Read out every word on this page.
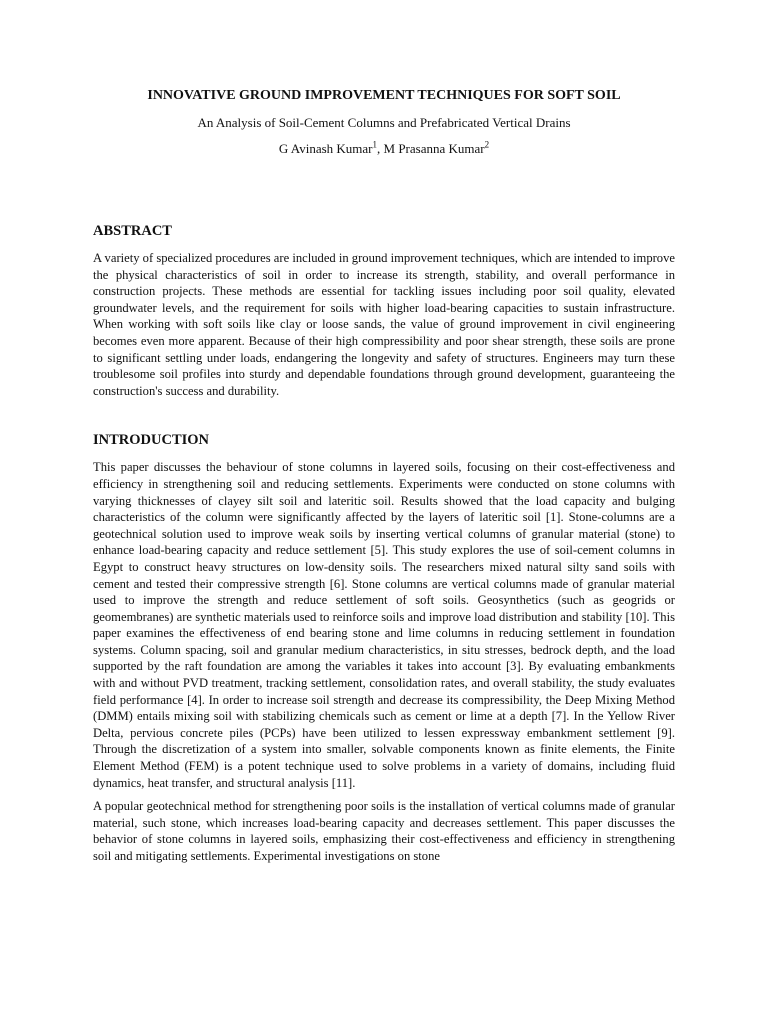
INNOVATIVE GROUND IMPROVEMENT TECHNIQUES FOR SOFT SOIL

An Analysis of Soil-Cement Columns and Prefabricated Vertical Drains

G Avinash Kumar$^1$, M Prasanna Kumar$^2$

ABSTRACT

A variety of specialized procedures are included in ground improvement techniques, which are intended to improve the physical characteristics of soil in order to increase its strength, stability, and overall performance in construction projects. These methods are essential for tackling issues including poor soil quality, elevated groundwater levels, and the requirement for soils with higher load-bearing capacities to sustain infrastructure. When working with soft soils like clay or loose sands, the value of ground improvement in civil engineering becomes even more apparent. Because of their high compressibility and poor shear strength, these soils are prone to significant settling under loads, endangering the longevity and safety of structures. Engineers may turn these troublesome soil profiles into sturdy and dependable foundations through ground development, guaranteeing the construction's success and durability.

INTRODUCTION

This paper discusses the behaviour of stone columns in layered soils, focusing on their cost-effectiveness and efficiency in strengthening soil and reducing settlements. Experiments were conducted on stone columns with varying thicknesses of clayey silt soil and lateritic soil. Results showed that the load capacity and bulging characteristics of the column were significantly affected by the layers of lateritic soil [1]. Stone-columns are a geotechnical solution used to improve weak soils by inserting vertical columns of granular material (stone) to enhance load-bearing capacity and reduce settlement [5]. This study explores the use of soil-cement columns in Egypt to construct heavy structures on low-density soils. The researchers mixed natural silty sand soils with cement and tested their compressive strength [6]. Stone columns are vertical columns made of granular material used to improve the strength and reduce settlement of soft soils. Geosynthetics (such as geogrids or geomembranes) are synthetic materials used to reinforce soils and improve load distribution and stability [10]. This paper examines the effectiveness of end bearing stone and lime columns in reducing settlement in foundation systems. Column spacing, soil and granular medium characteristics, in situ stresses, bedrock depth, and the load supported by the raft foundation are among the variables it takes into account [3]. By evaluating embankments with and without PVD treatment, tracking settlement, consolidation rates, and overall stability, the study evaluates field performance [4]. In order to increase soil strength and decrease its compressibility, the Deep Mixing Method (DMM) entails mixing soil with stabilizing chemicals such as cement or lime at a depth [7]. In the Yellow River Delta, pervious concrete piles (PCPs) have been utilized to lessen expressway embankment settlement [9]. Through the discretization of a system into smaller, solvable components known as finite elements, the Finite Element Method (FEM) is a potent technique used to solve problems in a variety of domains, including fluid dynamics, heat transfer, and structural analysis [11].

A popular geotechnical method for strengthening poor soils is the installation of vertical columns made of granular material, such stone, which increases load-bearing capacity and decreases settlement. This paper discusses the behavior of stone columns in layered soils, emphasizing their cost-effectiveness and efficiency in strengthening soil and mitigating settlements. Experimental investigations on stone
